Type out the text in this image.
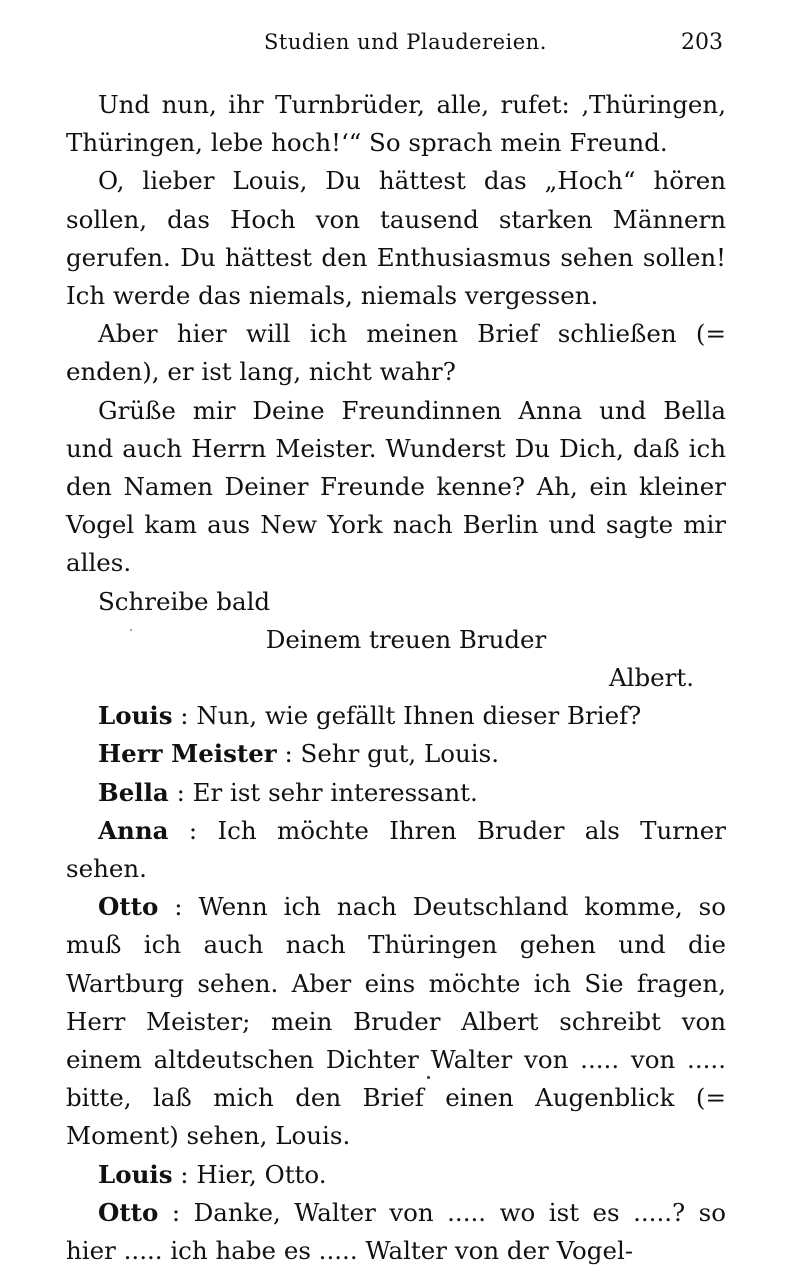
Studien und Plaudereien.	203

Und nun, ihr Turnbrüder, alle, rufet: ‚Thüringen, Thüringen, lebe hoch!‘“ So sprach mein Freund.

O, lieber Louis, Du hättest das „Hoch“ hören sollen, das Hoch von tausend starken Männern gerufen. Du hättest den Enthusiasmus sehen sollen! Ich werde das niemals, niemals vergessen.

Aber hier will ich meinen Brief schließen (= enden), er ist lang, nicht wahr?

Grüße mir Deine Freundinnen Anna und Bella und auch Herrn Meister. Wunderst Du Dich, daß ich den Namen Deiner Freunde kenne? Ah, ein kleiner Vogel kam aus New York nach Berlin und sagte mir alles.

Schreibe bald

Deinem treuen Bruder

Albert.

Louis : Nun, wie gefällt Ihnen dieser Brief?

Herr Meister : Sehr gut, Louis.

Bella : Er ist sehr interessant.

Anna : Ich möchte Ihren Bruder als Turner sehen.

Otto : Wenn ich nach Deutschland komme, so muß ich auch nach Thüringen gehen und die Wartburg sehen. Aber eins möchte ich Sie fragen, Herr Meister; mein Bruder Albert schreibt von einem altdeutschen Dichter Walter von ..... von ..... bitte, laß mich den Brief einen Augenblick (= Moment) sehen, Louis.

Louis : Hier, Otto.

Otto : Danke, Walter von ..... wo ist es .....? so hier ..... ich habe es ..... Walter von der Vogel-
